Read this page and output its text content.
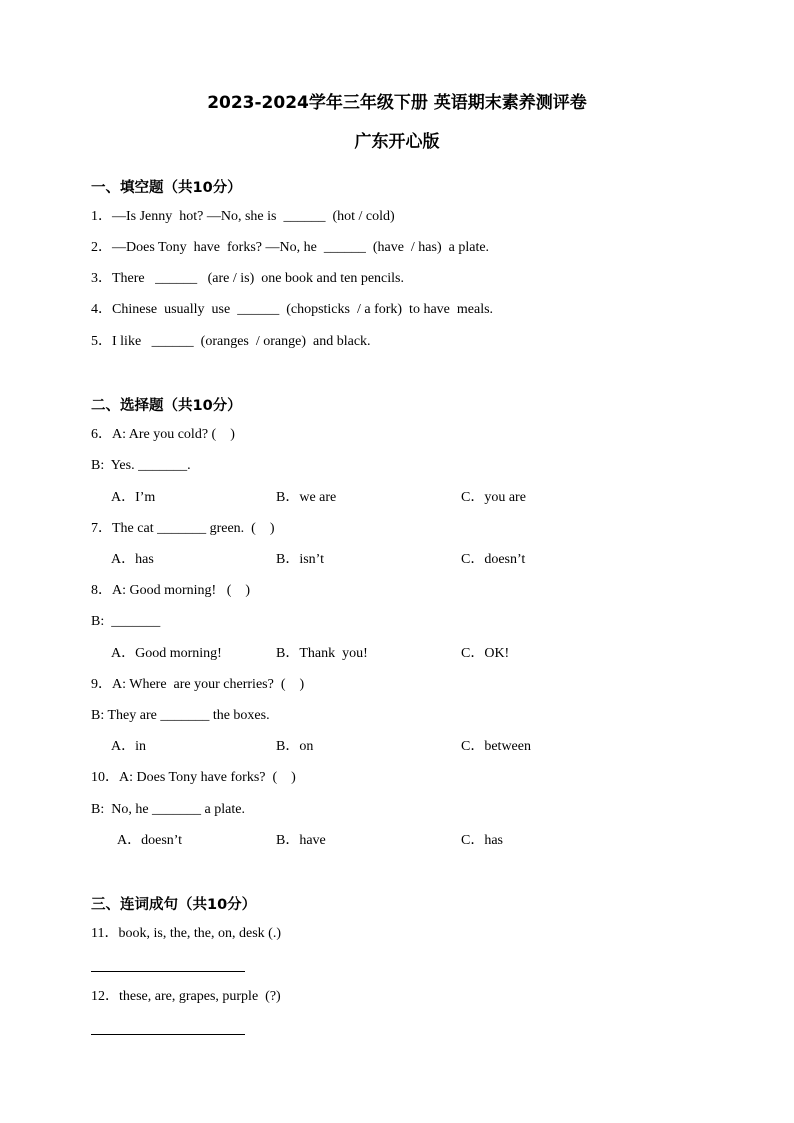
2023-2024学年三年级下册 英语期末素养测评卷
广东开心版
一、填空题（共10分）
1．—Is Jenny  hot? —No, she is  ______  (hot / cold)
2．—Does Tony  have  forks? —No, he  ______  (have  / has)  a plate.
3．There   ______   (are / is)  one book and ten pencils.
4．Chinese  usually  use  ______  (chopsticks  / a fork)  to have  meals.
5．I like   ______  (oranges  / orange)  and black.
二、选择题（共10分）
6．A: Are you cold? (    )
B:  Yes. _______.
A．I’m	B．we are	C．you are
7．The cat _______ green.  (    )
A．has	B．isn’t	C．doesn’t
8．A: Good morning!   (    )
B:  _______
A．Good morning!	B．Thank  you!	C．OK!
9．A: Where  are your cherries?  (    )
B: They are _______ the boxes.
A．in	B．on	C．between
10．A: Does Tony have forks?  (    )
B:  No, he _______ a plate.
A．doesn’t	B．have	C．has
三、连词成句（共10分）
11．book, is, the, the, on, desk (.)
12．these, are, grapes, purple  (?)
